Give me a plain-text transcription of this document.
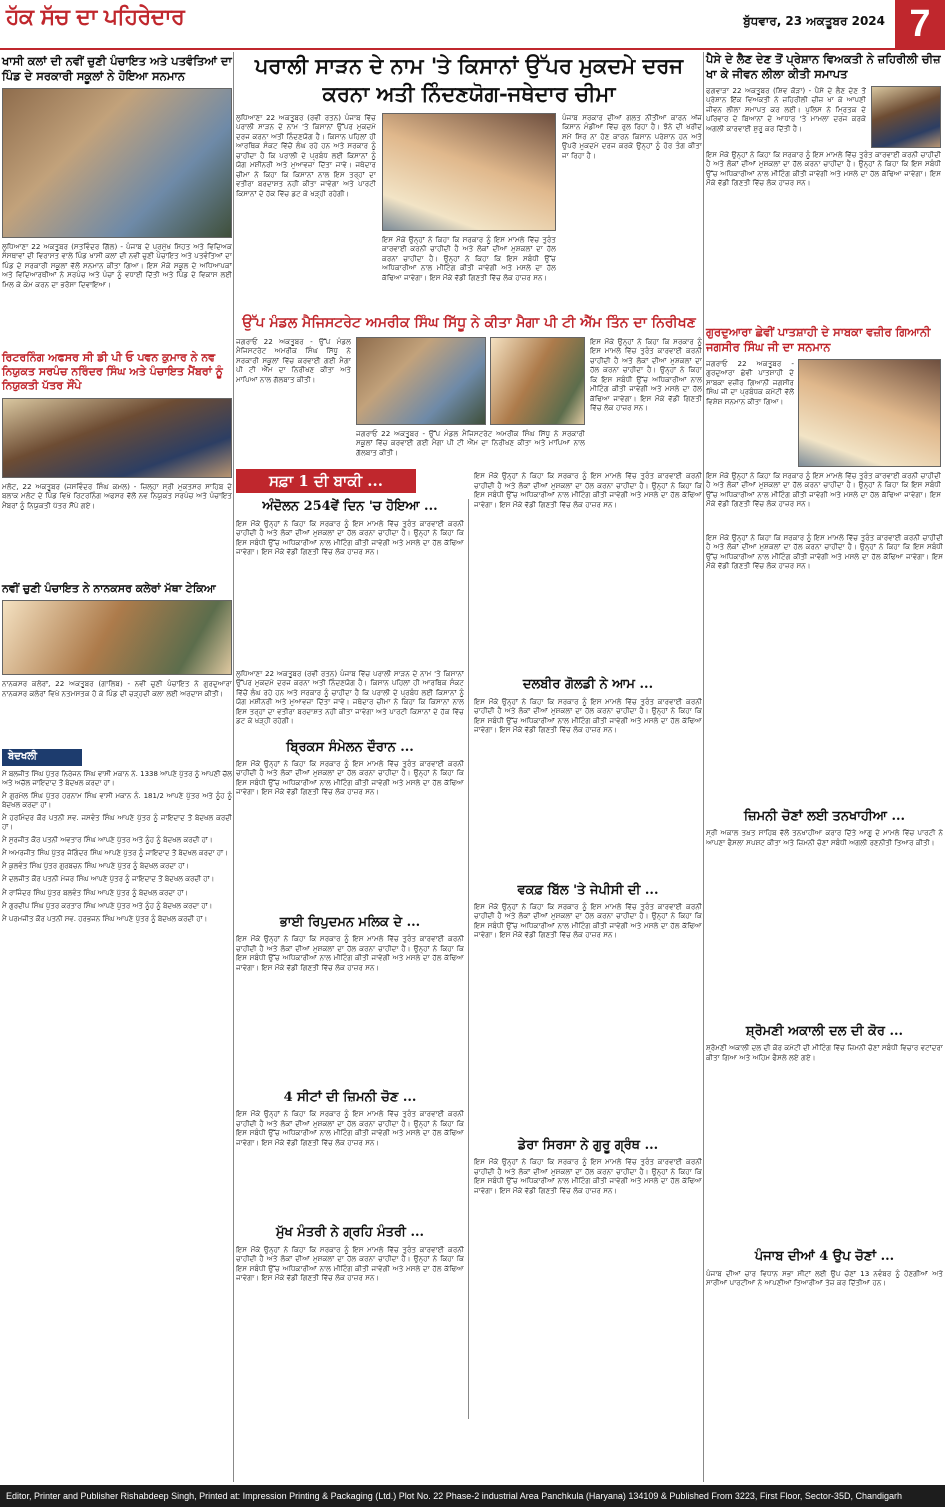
ਹੱਕ ਸੱਚ ਦਾ ਪਹਿਰੇਦਾਰ	ਬੁੱਧਵਾਰ, 23 ਅਕਤੂਬਰ 2024 7
ਖਾਸੀ ਕਲਾਂ ਦੀ ਨਵੀਂ ਚੁਣੀ ਪੰਚਾਇਤ ਅਤੇ ਪਤਵੰਤਿਆਂ ਦਾ ਪਿੰਡ ਦੇ ਸਰਕਾਰੀ ਸਕੂਲਾਂ ਨੇ ਹੋਇਆ ਸਨਮਾਨ
ਲੁਧਿਆਣਾ 22 ਅਕਤੂਬਰ (ਸਤਵਿੰਦਰ ਗਿੱਲ) - ਪੰਜਾਬ ਦੇ ਪ੍ਰਮੁੱਖ ਸਿਹਤ ਅਤੇ ਵਿਦਿਅਕ ਸੰਸਥਾਵਾਂ ਦੀ ਵਿਰਾਸਤ ਵਾਲੇ ਪਿੰਡ ਖਾਸੀ ਕਲਾਂ ਦੀ ਨਵੀਂ ਚੁਣੀ ਪੰਚਾਇਤ ਅਤੇ ਪਤਵੰਤਿਆਂ ਦਾ ਪਿੰਡ ਦੇ ਸਰਕਾਰੀ ਸਕੂਲਾਂ ਵੱਲੋਂ ਸਨਮਾਨ ਕੀਤਾ ਗਿਆ। ਇਸ ਮੌਕੇ ਸਕੂਲ ਦੇ ਅਧਿਆਪਕਾਂ ਅਤੇ ਵਿਦਿਆਰਥੀਆਂ ਨੇ ਸਰਪੰਚ ਅਤੇ ਪੰਚਾਂ ਨੂੰ ਵਧਾਈ ਦਿੱਤੀ ਅਤੇ ਪਿੰਡ ਦੇ ਵਿਕਾਸ ਲਈ ਮਿਲ ਕੇ ਕੰਮ ਕਰਨ ਦਾ ਭਰੋਸਾ ਦਿਵਾਇਆ।
ਰਿਟਰਨਿੰਗ ਅਫਸਰ ਸੀ ਡੀ ਪੀ ਓ ਪਵਨ ਕੁਮਾਰ ਨੇ ਨਵ ਨਿਯੁਕਤ ਸਰਪੰਚ ਨਰਿੰਦਰ ਸਿੰਘ ਅਤੇ ਪੰਚਾਇਤ ਮੈਂਬਰਾਂ ਨੂੰ ਨਿਯੁਕਤੀ ਪੱਤਰ ਸੌਂਪੇ
ਮਲੋਟ, 22 ਅਕਤੂਬਰ (ਜਸਵਿੰਦਰ ਸਿੰਘ ਕਮਲ) - ਜ਼ਿਲ੍ਹਾ ਸ੍ਰੀ ਮੁਕਤਸਰ ਸਾਹਿਬ ਦੇ ਬਲਾਕ ਮਲੋਟ ਦੇ ਪਿੰਡ ਵਿਖੇ ਰਿਟਰਨਿੰਗ ਅਫਸਰ ਵੱਲੋਂ ਨਵ ਨਿਯੁਕਤ ਸਰਪੰਚ ਅਤੇ ਪੰਚਾਇਤ ਮੈਂਬਰਾਂ ਨੂੰ ਨਿਯੁਕਤੀ ਪੱਤਰ ਸੌਂਪੇ ਗਏ।
ਨਵੀਂ ਚੁਣੀ ਪੰਚਾਇਤ ਨੇ ਨਾਨਕਸਰ ਕਲੇਰਾਂ ਮੱਥਾ ਟੇਕਿਆ
ਨਾਨਕਸਰ ਕਲੇਰਾਂ, 22 ਅਕਤੂਬਰ (ਗਾਲਿਬ) - ਨਵੀਂ ਚੁਣੀ ਪੰਚਾਇਤ ਨੇ ਗੁਰਦੁਆਰਾ ਨਾਨਕਸਰ ਕਲੇਰਾਂ ਵਿਖੇ ਨਤਮਸਤਕ ਹੋ ਕੇ ਪਿੰਡ ਦੀ ਚੜ੍ਹਦੀ ਕਲਾ ਲਈ ਅਰਦਾਸ ਕੀਤੀ।
ਬੇਦਖਲੀ
ਮੈਂ ਬਲਜੀਤ ਸਿੰਘ ਪੁੱਤਰ ਨਿਰੰਜਨ ਸਿੰਘ ਵਾਸੀ ਮਕਾਨ ਨੰ. 1338 ਆਪਣੇ ਪੁੱਤਰ ਨੂੰ ਆਪਣੀ ਚੱਲ ਅਤੇ ਅਚੱਲ ਜਾਇਦਾਦ ਤੋਂ ਬੇਦਖਲ ਕਰਦਾ ਹਾਂ।
ਮੈਂ ਗੁਰਮੇਲ ਸਿੰਘ ਪੁੱਤਰ ਹਰਨਾਮ ਸਿੰਘ ਵਾਸੀ ਮਕਾਨ ਨੰ. 181/2 ਆਪਣੇ ਪੁੱਤਰ ਅਤੇ ਨੂੰਹ ਨੂੰ ਬੇਦਖਲ ਕਰਦਾ ਹਾਂ।
ਮੈਂ ਹਰਮਿੰਦਰ ਕੌਰ ਪਤਨੀ ਸਵ. ਜਸਵੰਤ ਸਿੰਘ ਆਪਣੇ ਪੁੱਤਰ ਨੂੰ ਜਾਇਦਾਦ ਤੋਂ ਬੇਦਖਲ ਕਰਦੀ ਹਾਂ।
ਮੈਂ ਸੁਰਜੀਤ ਕੌਰ ਪਤਨੀ ਅਵਤਾਰ ਸਿੰਘ ਆਪਣੇ ਪੁੱਤਰ ਅਤੇ ਨੂੰਹ ਨੂੰ ਬੇਦਖਲ ਕਰਦੀ ਹਾਂ।
ਮੈਂ ਅਮਰਜੀਤ ਸਿੰਘ ਪੁੱਤਰ ਜੋਗਿੰਦਰ ਸਿੰਘ ਆਪਣੇ ਪੁੱਤਰ ਨੂੰ ਜਾਇਦਾਦ ਤੋਂ ਬੇਦਖਲ ਕਰਦਾ ਹਾਂ।
ਮੈਂ ਕੁਲਵੰਤ ਸਿੰਘ ਪੁੱਤਰ ਗੁਰਬਚਨ ਸਿੰਘ ਆਪਣੇ ਪੁੱਤਰ ਨੂੰ ਬੇਦਖਲ ਕਰਦਾ ਹਾਂ।
ਮੈਂ ਦਲਜੀਤ ਕੌਰ ਪਤਨੀ ਮੇਜਰ ਸਿੰਘ ਆਪਣੇ ਪੁੱਤਰ ਨੂੰ ਜਾਇਦਾਦ ਤੋਂ ਬੇਦਖਲ ਕਰਦੀ ਹਾਂ।
ਮੈਂ ਰਾਜਿੰਦਰ ਸਿੰਘ ਪੁੱਤਰ ਬਲਵੰਤ ਸਿੰਘ ਆਪਣੇ ਪੁੱਤਰ ਨੂੰ ਬੇਦਖਲ ਕਰਦਾ ਹਾਂ।
ਮੈਂ ਗੁਰਦੀਪ ਸਿੰਘ ਪੁੱਤਰ ਕਰਤਾਰ ਸਿੰਘ ਆਪਣੇ ਪੁੱਤਰ ਅਤੇ ਨੂੰਹ ਨੂੰ ਬੇਦਖਲ ਕਰਦਾ ਹਾਂ।
ਮੈਂ ਪਰਮਜੀਤ ਕੌਰ ਪਤਨੀ ਸਵ. ਹਰਭਜਨ ਸਿੰਘ ਆਪਣੇ ਪੁੱਤਰ ਨੂੰ ਬੇਦਖਲ ਕਰਦੀ ਹਾਂ।
ਪਰਾਲੀ ਸਾੜਨ ਦੇ ਨਾਮ 'ਤੇ ਕਿਸਾਨਾਂ ਉੱਪਰ ਮੁਕਦਮੇ ਦਰਜ ਕਰਨਾ ਅਤੀ ਨਿੰਦਣਯੋਗ-ਜਥੇਦਾਰ ਚੀਮਾ
ਲੁਧਿਆਣਾ 22 ਅਕਤੂਬਰ (ਰਵੀ ਰਤਨ) ਪੰਜਾਬ ਵਿੱਚ ਪਰਾਲੀ ਸਾੜਨ ਦੇ ਨਾਮ 'ਤੇ ਕਿਸਾਨਾਂ ਉੱਪਰ ਮੁਕਦਮੇ ਦਰਜ ਕਰਨਾ ਅਤੀ ਨਿੰਦਣਯੋਗ ਹੈ। ਕਿਸਾਨ ਪਹਿਲਾਂ ਹੀ ਆਰਥਿਕ ਸੰਕਟ ਵਿੱਚੋਂ ਲੰਘ ਰਹੇ ਹਨ ਅਤੇ ਸਰਕਾਰ ਨੂੰ ਚਾਹੀਦਾ ਹੈ ਕਿ ਪਰਾਲੀ ਦੇ ਪ੍ਰਬੰਧ ਲਈ ਕਿਸਾਨਾਂ ਨੂੰ ਯੋਗ ਮਸ਼ੀਨਰੀ ਅਤੇ ਮੁਆਵਜ਼ਾ ਦਿੱਤਾ ਜਾਵੇ। ਜਥੇਦਾਰ ਚੀਮਾ ਨੇ ਕਿਹਾ ਕਿ ਕਿਸਾਨਾਂ ਨਾਲ ਇਸ ਤਰ੍ਹਾਂ ਦਾ ਵਤੀਰਾ ਬਰਦਾਸ਼ਤ ਨਹੀਂ ਕੀਤਾ ਜਾਵੇਗਾ ਅਤੇ ਪਾਰਟੀ ਕਿਸਾਨਾਂ ਦੇ ਹੱਕ ਵਿੱਚ ਡਟ ਕੇ ਖੜ੍ਹੀ ਰਹੇਗੀ।
ਪੰਜਾਬ ਸਰਕਾਰ ਦੀਆਂ ਗਲਤ ਨੀਤੀਆਂ ਕਾਰਨ ਅੱਜ ਕਿਸਾਨ ਮੰਡੀਆਂ ਵਿੱਚ ਰੁਲ ਰਿਹਾ ਹੈ। ਝੋਨੇ ਦੀ ਖਰੀਦ ਸਮੇਂ ਸਿਰ ਨਾ ਹੋਣ ਕਾਰਨ ਕਿਸਾਨ ਪਰੇਸ਼ਾਨ ਹਨ ਅਤੇ ਉਪਰੋਂ ਮੁਕਦਮੇ ਦਰਜ ਕਰਕੇ ਉਨ੍ਹਾਂ ਨੂੰ ਹੋਰ ਤੰਗ ਕੀਤਾ ਜਾ ਰਿਹਾ ਹੈ।
ਇਸ ਮੌਕੇ ਉਨ੍ਹਾਂ ਨੇ ਕਿਹਾ ਕਿ ਸਰਕਾਰ ਨੂੰ ਇਸ ਮਾਮਲੇ ਵਿੱਚ ਤੁਰੰਤ ਕਾਰਵਾਈ ਕਰਨੀ ਚਾਹੀਦੀ ਹੈ ਅਤੇ ਲੋਕਾਂ ਦੀਆਂ ਮੁਸ਼ਕਲਾਂ ਦਾ ਹੱਲ ਕਰਨਾ ਚਾਹੀਦਾ ਹੈ। ਉਨ੍ਹਾਂ ਨੇ ਕਿਹਾ ਕਿ ਇਸ ਸਬੰਧੀ ਉੱਚ ਅਧਿਕਾਰੀਆਂ ਨਾਲ ਮੀਟਿੰਗ ਕੀਤੀ ਜਾਵੇਗੀ ਅਤੇ ਮਸਲੇ ਦਾ ਹੱਲ ਕੱਢਿਆ ਜਾਵੇਗਾ। ਇਸ ਮੌਕੇ ਵੱਡੀ ਗਿਣਤੀ ਵਿੱਚ ਲੋਕ ਹਾਜ਼ਰ ਸਨ।
ਉੱਪ ਮੰਡਲ ਮੈਜਿਸਟਰੇਟ ਅਮਰੀਕ ਸਿੰਘ ਸਿੱਧੂ ਨੇ ਕੀਤਾ ਮੈਗਾ ਪੀ ਟੀ ਐੱਮ ਤਿੰਨ ਦਾ ਨਿਰੀਖਣ
ਜਗਰਾਓਂ 22 ਅਕਤੂਬਰ - ਉੱਪ ਮੰਡਲ ਮੈਜਿਸਟਰੇਟ ਅਮਰੀਕ ਸਿੰਘ ਸਿੱਧੂ ਨੇ ਸਰਕਾਰੀ ਸਕੂਲਾਂ ਵਿੱਚ ਕਰਵਾਈ ਗਈ ਮੈਗਾ ਪੀ ਟੀ ਐੱਮ ਦਾ ਨਿਰੀਖਣ ਕੀਤਾ ਅਤੇ ਮਾਪਿਆਂ ਨਾਲ ਗੱਲਬਾਤ ਕੀਤੀ।
ਇਸ ਮੌਕੇ ਉਨ੍ਹਾਂ ਨੇ ਕਿਹਾ ਕਿ ਸਰਕਾਰ ਨੂੰ ਇਸ ਮਾਮਲੇ ਵਿੱਚ ਤੁਰੰਤ ਕਾਰਵਾਈ ਕਰਨੀ ਚਾਹੀਦੀ ਹੈ ਅਤੇ ਲੋਕਾਂ ਦੀਆਂ ਮੁਸ਼ਕਲਾਂ ਦਾ ਹੱਲ ਕਰਨਾ ਚਾਹੀਦਾ ਹੈ। ਉਨ੍ਹਾਂ ਨੇ ਕਿਹਾ ਕਿ ਇਸ ਸਬੰਧੀ ਉੱਚ ਅਧਿਕਾਰੀਆਂ ਨਾਲ ਮੀਟਿੰਗ ਕੀਤੀ ਜਾਵੇਗੀ ਅਤੇ ਮਸਲੇ ਦਾ ਹੱਲ ਕੱਢਿਆ ਜਾਵੇਗਾ। ਇਸ ਮੌਕੇ ਵੱਡੀ ਗਿਣਤੀ ਵਿੱਚ ਲੋਕ ਹਾਜ਼ਰ ਸਨ।
ਜਗਰਾਓਂ 22 ਅਕਤੂਬਰ - ਉੱਪ ਮੰਡਲ ਮੈਜਿਸਟਰੇਟ ਅਮਰੀਕ ਸਿੰਘ ਸਿੱਧੂ ਨੇ ਸਰਕਾਰੀ ਸਕੂਲਾਂ ਵਿੱਚ ਕਰਵਾਈ ਗਈ ਮੈਗਾ ਪੀ ਟੀ ਐੱਮ ਦਾ ਨਿਰੀਖਣ ਕੀਤਾ ਅਤੇ ਮਾਪਿਆਂ ਨਾਲ ਗੱਲਬਾਤ ਕੀਤੀ।
ਸਫ਼ਾ 1 ਦੀ ਬਾਕੀ ...
ਅੰਦੋਲਨ 254ਵੇਂ ਦਿਨ 'ਚ ਹੋਇਆ ...
ਇਸ ਮੌਕੇ ਉਨ੍ਹਾਂ ਨੇ ਕਿਹਾ ਕਿ ਸਰਕਾਰ ਨੂੰ ਇਸ ਮਾਮਲੇ ਵਿੱਚ ਤੁਰੰਤ ਕਾਰਵਾਈ ਕਰਨੀ ਚਾਹੀਦੀ ਹੈ ਅਤੇ ਲੋਕਾਂ ਦੀਆਂ ਮੁਸ਼ਕਲਾਂ ਦਾ ਹੱਲ ਕਰਨਾ ਚਾਹੀਦਾ ਹੈ। ਉਨ੍ਹਾਂ ਨੇ ਕਿਹਾ ਕਿ ਇਸ ਸਬੰਧੀ ਉੱਚ ਅਧਿਕਾਰੀਆਂ ਨਾਲ ਮੀਟਿੰਗ ਕੀਤੀ ਜਾਵੇਗੀ ਅਤੇ ਮਸਲੇ ਦਾ ਹੱਲ ਕੱਢਿਆ ਜਾਵੇਗਾ। ਇਸ ਮੌਕੇ ਵੱਡੀ ਗਿਣਤੀ ਵਿੱਚ ਲੋਕ ਹਾਜ਼ਰ ਸਨ।
ਲੁਧਿਆਣਾ 22 ਅਕਤੂਬਰ (ਰਵੀ ਰਤਨ) ਪੰਜਾਬ ਵਿੱਚ ਪਰਾਲੀ ਸਾੜਨ ਦੇ ਨਾਮ 'ਤੇ ਕਿਸਾਨਾਂ ਉੱਪਰ ਮੁਕਦਮੇ ਦਰਜ ਕਰਨਾ ਅਤੀ ਨਿੰਦਣਯੋਗ ਹੈ। ਕਿਸਾਨ ਪਹਿਲਾਂ ਹੀ ਆਰਥਿਕ ਸੰਕਟ ਵਿੱਚੋਂ ਲੰਘ ਰਹੇ ਹਨ ਅਤੇ ਸਰਕਾਰ ਨੂੰ ਚਾਹੀਦਾ ਹੈ ਕਿ ਪਰਾਲੀ ਦੇ ਪ੍ਰਬੰਧ ਲਈ ਕਿਸਾਨਾਂ ਨੂੰ ਯੋਗ ਮਸ਼ੀਨਰੀ ਅਤੇ ਮੁਆਵਜ਼ਾ ਦਿੱਤਾ ਜਾਵੇ। ਜਥੇਦਾਰ ਚੀਮਾ ਨੇ ਕਿਹਾ ਕਿ ਕਿਸਾਨਾਂ ਨਾਲ ਇਸ ਤਰ੍ਹਾਂ ਦਾ ਵਤੀਰਾ ਬਰਦਾਸ਼ਤ ਨਹੀਂ ਕੀਤਾ ਜਾਵੇਗਾ ਅਤੇ ਪਾਰਟੀ ਕਿਸਾਨਾਂ ਦੇ ਹੱਕ ਵਿੱਚ ਡਟ ਕੇ ਖੜ੍ਹੀ ਰਹੇਗੀ।
ਬ੍ਰਿਕਸ ਸੰਮੇਲਨ ਦੌਰਾਨ ...
ਇਸ ਮੌਕੇ ਉਨ੍ਹਾਂ ਨੇ ਕਿਹਾ ਕਿ ਸਰਕਾਰ ਨੂੰ ਇਸ ਮਾਮਲੇ ਵਿੱਚ ਤੁਰੰਤ ਕਾਰਵਾਈ ਕਰਨੀ ਚਾਹੀਦੀ ਹੈ ਅਤੇ ਲੋਕਾਂ ਦੀਆਂ ਮੁਸ਼ਕਲਾਂ ਦਾ ਹੱਲ ਕਰਨਾ ਚਾਹੀਦਾ ਹੈ। ਉਨ੍ਹਾਂ ਨੇ ਕਿਹਾ ਕਿ ਇਸ ਸਬੰਧੀ ਉੱਚ ਅਧਿਕਾਰੀਆਂ ਨਾਲ ਮੀਟਿੰਗ ਕੀਤੀ ਜਾਵੇਗੀ ਅਤੇ ਮਸਲੇ ਦਾ ਹੱਲ ਕੱਢਿਆ ਜਾਵੇਗਾ। ਇਸ ਮੌਕੇ ਵੱਡੀ ਗਿਣਤੀ ਵਿੱਚ ਲੋਕ ਹਾਜ਼ਰ ਸਨ।
ਭਾਈ ਰਿਪੁਦਮਨ ਮਲਿਕ ਦੇ ...
ਇਸ ਮੌਕੇ ਉਨ੍ਹਾਂ ਨੇ ਕਿਹਾ ਕਿ ਸਰਕਾਰ ਨੂੰ ਇਸ ਮਾਮਲੇ ਵਿੱਚ ਤੁਰੰਤ ਕਾਰਵਾਈ ਕਰਨੀ ਚਾਹੀਦੀ ਹੈ ਅਤੇ ਲੋਕਾਂ ਦੀਆਂ ਮੁਸ਼ਕਲਾਂ ਦਾ ਹੱਲ ਕਰਨਾ ਚਾਹੀਦਾ ਹੈ। ਉਨ੍ਹਾਂ ਨੇ ਕਿਹਾ ਕਿ ਇਸ ਸਬੰਧੀ ਉੱਚ ਅਧਿਕਾਰੀਆਂ ਨਾਲ ਮੀਟਿੰਗ ਕੀਤੀ ਜਾਵੇਗੀ ਅਤੇ ਮਸਲੇ ਦਾ ਹੱਲ ਕੱਢਿਆ ਜਾਵੇਗਾ। ਇਸ ਮੌਕੇ ਵੱਡੀ ਗਿਣਤੀ ਵਿੱਚ ਲੋਕ ਹਾਜ਼ਰ ਸਨ।
4 ਸੀਟਾਂ ਦੀ ਜ਼ਿਮਨੀ ਚੋਣ ...
ਇਸ ਮੌਕੇ ਉਨ੍ਹਾਂ ਨੇ ਕਿਹਾ ਕਿ ਸਰਕਾਰ ਨੂੰ ਇਸ ਮਾਮਲੇ ਵਿੱਚ ਤੁਰੰਤ ਕਾਰਵਾਈ ਕਰਨੀ ਚਾਹੀਦੀ ਹੈ ਅਤੇ ਲੋਕਾਂ ਦੀਆਂ ਮੁਸ਼ਕਲਾਂ ਦਾ ਹੱਲ ਕਰਨਾ ਚਾਹੀਦਾ ਹੈ। ਉਨ੍ਹਾਂ ਨੇ ਕਿਹਾ ਕਿ ਇਸ ਸਬੰਧੀ ਉੱਚ ਅਧਿਕਾਰੀਆਂ ਨਾਲ ਮੀਟਿੰਗ ਕੀਤੀ ਜਾਵੇਗੀ ਅਤੇ ਮਸਲੇ ਦਾ ਹੱਲ ਕੱਢਿਆ ਜਾਵੇਗਾ। ਇਸ ਮੌਕੇ ਵੱਡੀ ਗਿਣਤੀ ਵਿੱਚ ਲੋਕ ਹਾਜ਼ਰ ਸਨ।
ਮੁੱਖ ਮੰਤਰੀ ਨੇ ਗ੍ਰਹਿ ਮੰਤਰੀ ...
ਇਸ ਮੌਕੇ ਉਨ੍ਹਾਂ ਨੇ ਕਿਹਾ ਕਿ ਸਰਕਾਰ ਨੂੰ ਇਸ ਮਾਮਲੇ ਵਿੱਚ ਤੁਰੰਤ ਕਾਰਵਾਈ ਕਰਨੀ ਚਾਹੀਦੀ ਹੈ ਅਤੇ ਲੋਕਾਂ ਦੀਆਂ ਮੁਸ਼ਕਲਾਂ ਦਾ ਹੱਲ ਕਰਨਾ ਚਾਹੀਦਾ ਹੈ। ਉਨ੍ਹਾਂ ਨੇ ਕਿਹਾ ਕਿ ਇਸ ਸਬੰਧੀ ਉੱਚ ਅਧਿਕਾਰੀਆਂ ਨਾਲ ਮੀਟਿੰਗ ਕੀਤੀ ਜਾਵੇਗੀ ਅਤੇ ਮਸਲੇ ਦਾ ਹੱਲ ਕੱਢਿਆ ਜਾਵੇਗਾ। ਇਸ ਮੌਕੇ ਵੱਡੀ ਗਿਣਤੀ ਵਿੱਚ ਲੋਕ ਹਾਜ਼ਰ ਸਨ।
ਇਸ ਮੌਕੇ ਉਨ੍ਹਾਂ ਨੇ ਕਿਹਾ ਕਿ ਸਰਕਾਰ ਨੂੰ ਇਸ ਮਾਮਲੇ ਵਿੱਚ ਤੁਰੰਤ ਕਾਰਵਾਈ ਕਰਨੀ ਚਾਹੀਦੀ ਹੈ ਅਤੇ ਲੋਕਾਂ ਦੀਆਂ ਮੁਸ਼ਕਲਾਂ ਦਾ ਹੱਲ ਕਰਨਾ ਚਾਹੀਦਾ ਹੈ। ਉਨ੍ਹਾਂ ਨੇ ਕਿਹਾ ਕਿ ਇਸ ਸਬੰਧੀ ਉੱਚ ਅਧਿਕਾਰੀਆਂ ਨਾਲ ਮੀਟਿੰਗ ਕੀਤੀ ਜਾਵੇਗੀ ਅਤੇ ਮਸਲੇ ਦਾ ਹੱਲ ਕੱਢਿਆ ਜਾਵੇਗਾ। ਇਸ ਮੌਕੇ ਵੱਡੀ ਗਿਣਤੀ ਵਿੱਚ ਲੋਕ ਹਾਜ਼ਰ ਸਨ।
ਦਲਬੀਰ ਗੋਲਡੀ ਨੇ ਆਮ ...
ਇਸ ਮੌਕੇ ਉਨ੍ਹਾਂ ਨੇ ਕਿਹਾ ਕਿ ਸਰਕਾਰ ਨੂੰ ਇਸ ਮਾਮਲੇ ਵਿੱਚ ਤੁਰੰਤ ਕਾਰਵਾਈ ਕਰਨੀ ਚਾਹੀਦੀ ਹੈ ਅਤੇ ਲੋਕਾਂ ਦੀਆਂ ਮੁਸ਼ਕਲਾਂ ਦਾ ਹੱਲ ਕਰਨਾ ਚਾਹੀਦਾ ਹੈ। ਉਨ੍ਹਾਂ ਨੇ ਕਿਹਾ ਕਿ ਇਸ ਸਬੰਧੀ ਉੱਚ ਅਧਿਕਾਰੀਆਂ ਨਾਲ ਮੀਟਿੰਗ ਕੀਤੀ ਜਾਵੇਗੀ ਅਤੇ ਮਸਲੇ ਦਾ ਹੱਲ ਕੱਢਿਆ ਜਾਵੇਗਾ। ਇਸ ਮੌਕੇ ਵੱਡੀ ਗਿਣਤੀ ਵਿੱਚ ਲੋਕ ਹਾਜ਼ਰ ਸਨ।
ਵਕਫ਼ ਬਿੱਲ 'ਤੇ ਜੇਪੀਸੀ ਦੀ ...
ਇਸ ਮੌਕੇ ਉਨ੍ਹਾਂ ਨੇ ਕਿਹਾ ਕਿ ਸਰਕਾਰ ਨੂੰ ਇਸ ਮਾਮਲੇ ਵਿੱਚ ਤੁਰੰਤ ਕਾਰਵਾਈ ਕਰਨੀ ਚਾਹੀਦੀ ਹੈ ਅਤੇ ਲੋਕਾਂ ਦੀਆਂ ਮੁਸ਼ਕਲਾਂ ਦਾ ਹੱਲ ਕਰਨਾ ਚਾਹੀਦਾ ਹੈ। ਉਨ੍ਹਾਂ ਨੇ ਕਿਹਾ ਕਿ ਇਸ ਸਬੰਧੀ ਉੱਚ ਅਧਿਕਾਰੀਆਂ ਨਾਲ ਮੀਟਿੰਗ ਕੀਤੀ ਜਾਵੇਗੀ ਅਤੇ ਮਸਲੇ ਦਾ ਹੱਲ ਕੱਢਿਆ ਜਾਵੇਗਾ। ਇਸ ਮੌਕੇ ਵੱਡੀ ਗਿਣਤੀ ਵਿੱਚ ਲੋਕ ਹਾਜ਼ਰ ਸਨ।
ਡੇਰਾ ਸਿਰਸਾ ਨੇ ਗੁਰੂ ਗ੍ਰੰਥ ...
ਇਸ ਮੌਕੇ ਉਨ੍ਹਾਂ ਨੇ ਕਿਹਾ ਕਿ ਸਰਕਾਰ ਨੂੰ ਇਸ ਮਾਮਲੇ ਵਿੱਚ ਤੁਰੰਤ ਕਾਰਵਾਈ ਕਰਨੀ ਚਾਹੀਦੀ ਹੈ ਅਤੇ ਲੋਕਾਂ ਦੀਆਂ ਮੁਸ਼ਕਲਾਂ ਦਾ ਹੱਲ ਕਰਨਾ ਚਾਹੀਦਾ ਹੈ। ਉਨ੍ਹਾਂ ਨੇ ਕਿਹਾ ਕਿ ਇਸ ਸਬੰਧੀ ਉੱਚ ਅਧਿਕਾਰੀਆਂ ਨਾਲ ਮੀਟਿੰਗ ਕੀਤੀ ਜਾਵੇਗੀ ਅਤੇ ਮਸਲੇ ਦਾ ਹੱਲ ਕੱਢਿਆ ਜਾਵੇਗਾ। ਇਸ ਮੌਕੇ ਵੱਡੀ ਗਿਣਤੀ ਵਿੱਚ ਲੋਕ ਹਾਜ਼ਰ ਸਨ।
ਪੈਸੇ ਦੇ ਲੈਣ ਦੇਣ ਤੋਂ ਪ੍ਰੇਸ਼ਾਨ ਵਿਅਕਤੀ ਨੇ ਜ਼ਹਿਰੀਲੀ ਚੀਜ਼ ਖਾ ਕੇ ਜੀਵਨ ਲੀਲਾ ਕੀਤੀ ਸਮਾਪਤ
ਫਗਵਾੜਾ 22 ਅਕਤੂਬਰ (ਸ਼ਿਵ ਕੋੜਾ) - ਪੈਸੇ ਦੇ ਲੈਣ ਦੇਣ ਤੋਂ ਪ੍ਰੇਸ਼ਾਨ ਇੱਕ ਵਿਅਕਤੀ ਨੇ ਜ਼ਹਿਰੀਲੀ ਚੀਜ਼ ਖਾ ਕੇ ਆਪਣੀ ਜੀਵਨ ਲੀਲਾ ਸਮਾਪਤ ਕਰ ਲਈ। ਪੁਲਿਸ ਨੇ ਮ੍ਰਿਤਕ ਦੇ ਪਰਿਵਾਰ ਦੇ ਬਿਆਨਾਂ ਦੇ ਆਧਾਰ 'ਤੇ ਮਾਮਲਾ ਦਰਜ ਕਰਕੇ ਅਗਲੀ ਕਾਰਵਾਈ ਸ਼ੁਰੂ ਕਰ ਦਿੱਤੀ ਹੈ।
ਇਸ ਮੌਕੇ ਉਨ੍ਹਾਂ ਨੇ ਕਿਹਾ ਕਿ ਸਰਕਾਰ ਨੂੰ ਇਸ ਮਾਮਲੇ ਵਿੱਚ ਤੁਰੰਤ ਕਾਰਵਾਈ ਕਰਨੀ ਚਾਹੀਦੀ ਹੈ ਅਤੇ ਲੋਕਾਂ ਦੀਆਂ ਮੁਸ਼ਕਲਾਂ ਦਾ ਹੱਲ ਕਰਨਾ ਚਾਹੀਦਾ ਹੈ। ਉਨ੍ਹਾਂ ਨੇ ਕਿਹਾ ਕਿ ਇਸ ਸਬੰਧੀ ਉੱਚ ਅਧਿਕਾਰੀਆਂ ਨਾਲ ਮੀਟਿੰਗ ਕੀਤੀ ਜਾਵੇਗੀ ਅਤੇ ਮਸਲੇ ਦਾ ਹੱਲ ਕੱਢਿਆ ਜਾਵੇਗਾ। ਇਸ ਮੌਕੇ ਵੱਡੀ ਗਿਣਤੀ ਵਿੱਚ ਲੋਕ ਹਾਜ਼ਰ ਸਨ।
ਗੁਰਦੁਆਰਾ ਛੇਵੀਂ ਪਾਤਸ਼ਾਹੀ ਦੇ ਸਾਬਕਾ ਵਜ਼ੀਰ ਗਿਆਨੀ ਜਗਸੀਰ ਸਿੰਘ ਜੀ ਦਾ ਸਨਮਾਨ
ਜਗਰਾਓਂ 22 ਅਕਤੂਬਰ - ਗੁਰਦੁਆਰਾ ਛੇਵੀਂ ਪਾਤਸ਼ਾਹੀ ਦੇ ਸਾਬਕਾ ਵਜ਼ੀਰ ਗਿਆਨੀ ਜਗਸੀਰ ਸਿੰਘ ਜੀ ਦਾ ਪ੍ਰਬੰਧਕ ਕਮੇਟੀ ਵੱਲੋਂ ਵਿਸ਼ੇਸ਼ ਸਨਮਾਨ ਕੀਤਾ ਗਿਆ।
ਇਸ ਮੌਕੇ ਉਨ੍ਹਾਂ ਨੇ ਕਿਹਾ ਕਿ ਸਰਕਾਰ ਨੂੰ ਇਸ ਮਾਮਲੇ ਵਿੱਚ ਤੁਰੰਤ ਕਾਰਵਾਈ ਕਰਨੀ ਚਾਹੀਦੀ ਹੈ ਅਤੇ ਲੋਕਾਂ ਦੀਆਂ ਮੁਸ਼ਕਲਾਂ ਦਾ ਹੱਲ ਕਰਨਾ ਚਾਹੀਦਾ ਹੈ। ਉਨ੍ਹਾਂ ਨੇ ਕਿਹਾ ਕਿ ਇਸ ਸਬੰਧੀ ਉੱਚ ਅਧਿਕਾਰੀਆਂ ਨਾਲ ਮੀਟਿੰਗ ਕੀਤੀ ਜਾਵੇਗੀ ਅਤੇ ਮਸਲੇ ਦਾ ਹੱਲ ਕੱਢਿਆ ਜਾਵੇਗਾ। ਇਸ ਮੌਕੇ ਵੱਡੀ ਗਿਣਤੀ ਵਿੱਚ ਲੋਕ ਹਾਜ਼ਰ ਸਨ।
ਇਸ ਮੌਕੇ ਉਨ੍ਹਾਂ ਨੇ ਕਿਹਾ ਕਿ ਸਰਕਾਰ ਨੂੰ ਇਸ ਮਾਮਲੇ ਵਿੱਚ ਤੁਰੰਤ ਕਾਰਵਾਈ ਕਰਨੀ ਚਾਹੀਦੀ ਹੈ ਅਤੇ ਲੋਕਾਂ ਦੀਆਂ ਮੁਸ਼ਕਲਾਂ ਦਾ ਹੱਲ ਕਰਨਾ ਚਾਹੀਦਾ ਹੈ। ਉਨ੍ਹਾਂ ਨੇ ਕਿਹਾ ਕਿ ਇਸ ਸਬੰਧੀ ਉੱਚ ਅਧਿਕਾਰੀਆਂ ਨਾਲ ਮੀਟਿੰਗ ਕੀਤੀ ਜਾਵੇਗੀ ਅਤੇ ਮਸਲੇ ਦਾ ਹੱਲ ਕੱਢਿਆ ਜਾਵੇਗਾ। ਇਸ ਮੌਕੇ ਵੱਡੀ ਗਿਣਤੀ ਵਿੱਚ ਲੋਕ ਹਾਜ਼ਰ ਸਨ।
ਜ਼ਿਮਨੀ ਚੋਣਾਂ ਲਈ ਤਨਖਾਹੀਆ ...
ਸ੍ਰੀ ਅਕਾਲ ਤਖ਼ਤ ਸਾਹਿਬ ਵੱਲੋਂ ਤਨਖਾਹੀਆ ਕਰਾਰ ਦਿੱਤੇ ਆਗੂ ਦੇ ਮਾਮਲੇ ਵਿੱਚ ਪਾਰਟੀ ਨੇ ਆਪਣਾ ਫੈਸਲਾ ਸਪਸ਼ਟ ਕੀਤਾ ਅਤੇ ਜ਼ਿਮਨੀ ਚੋਣਾਂ ਸਬੰਧੀ ਅਗਲੀ ਰਣਨੀਤੀ ਤਿਆਰ ਕੀਤੀ।
ਸ਼੍ਰੋਮਣੀ ਅਕਾਲੀ ਦਲ ਦੀ ਕੋਰ ...
ਸ਼੍ਰੋਮਣੀ ਅਕਾਲੀ ਦਲ ਦੀ ਕੋਰ ਕਮੇਟੀ ਦੀ ਮੀਟਿੰਗ ਵਿੱਚ ਜ਼ਿਮਨੀ ਚੋਣਾਂ ਸਬੰਧੀ ਵਿਚਾਰ ਵਟਾਂਦਰਾ ਕੀਤਾ ਗਿਆ ਅਤੇ ਅਹਿਮ ਫੈਸਲੇ ਲਏ ਗਏ।
ਪੰਜਾਬ ਦੀਆਂ 4 ਉਪ ਚੋਣਾਂ ...
ਪੰਜਾਬ ਦੀਆਂ ਚਾਰ ਵਿਧਾਨ ਸਭਾ ਸੀਟਾਂ ਲਈ ਉਪ ਚੋਣਾਂ 13 ਨਵੰਬਰ ਨੂੰ ਹੋਣਗੀਆਂ ਅਤੇ ਸਾਰੀਆਂ ਪਾਰਟੀਆਂ ਨੇ ਆਪਣੀਆਂ ਤਿਆਰੀਆਂ ਤੇਜ਼ ਕਰ ਦਿੱਤੀਆਂ ਹਨ।
Editor, Printer and Publisher Rishabdeep Singh, Printed at: Impression Printing & Packaging (Ltd.) Plot No. 22 Phase-2 industrial Area Panchkula (Haryana) 134109 & Published From 3223, First Floor, Sector-35D, Chandigarh
